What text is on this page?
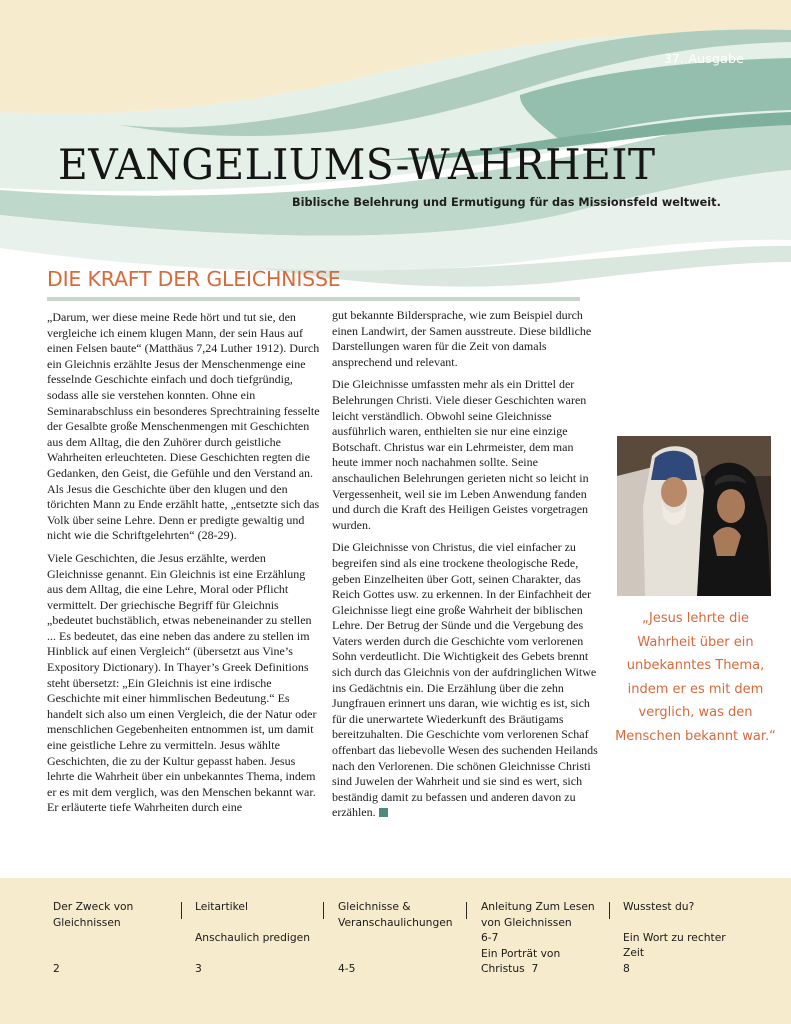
37. Ausgabe
EVANGELIUMS-WAHRHEIT
Biblische Belehrung und Ermutigung für das Missionsfeld weltweit.
DIE KRAFT DER GLEICHNISSE

„Darum, wer diese meine Rede hört und tut sie, den vergleiche ich einem klugen Mann, der sein Haus auf einen Felsen baute“ (Matthäus 7,24 Luther 1912). Durch ein Gleichnis erzählte Jesus der Menschenmenge eine fesselnde Geschichte einfach und doch tiefgründig, sodass alle sie verstehen konnten. Ohne ein Seminarabschluss ein besonderes Sprechtraining fesselte der Gesalbte große Menschenmengen mit Geschichten aus dem Alltag, die den Zuhörer durch geistliche Wahrheiten erleuchteten. Diese Geschichten regten die Gedanken, den Geist, die Gefühle und den Verstand an. Als Jesus die Geschichte über den klugen und den törichten Mann zu Ende erzählt hatte, „entsetzte sich das Volk über seine Lehre. Denn er predigte gewaltig und nicht wie die Schriftgelehrten“ (28-29).

Viele Geschichten, die Jesus erzählte, werden Gleichnisse genannt. Ein Gleichnis ist eine Erzählung aus dem Alltag, die eine Lehre, Moral oder Pflicht vermittelt. Der griechische Begriff für Gleichnis „bedeutet buchstäblich, etwas nebeneinander zu stellen ... Es bedeutet, das eine neben das andere zu stellen im Hinblick auf einen Vergleich“ (übersetzt aus Vine’s Expository Dictionary). In Thayer’s Greek Definitions steht übersetzt: „Ein Gleichnis ist eine irdische Geschichte mit einer himmlischen Bedeutung.“ Es handelt sich also um einen Vergleich, die der Natur oder menschlichen Gegebenheiten entnommen ist, um damit eine geistliche Lehre zu vermitteln. Jesus wählte Geschichten, die zu der Kultur gepasst haben. Jesus lehrte die Wahrheit über ein unbekanntes Thema, indem er es mit dem verglich, was den Menschen bekannt war. Er erläuterte tiefe Wahrheiten durch eine

gut bekannte Bildersprache, wie zum Beispiel durch einen Landwirt, der Samen ausstreute. Diese bildliche Darstellungen waren für die Zeit von damals ansprechend und relevant.

Die Gleichnisse umfassten mehr als ein Drittel der Belehrungen Christi. Viele dieser Geschichten waren leicht verständlich. Obwohl seine Gleichnisse ausführlich waren, enthielten sie nur eine einzige Botschaft. Christus war ein Lehrmeister, dem man heute immer noch nachahmen sollte. Seine anschaulichen Belehrungen gerieten nicht so leicht in Vergessenheit, weil sie im Leben Anwendung fanden und durch die Kraft des Heiligen Geistes vorgetragen wurden.

Die Gleichnisse von Christus, die viel einfacher zu begreifen sind als eine trockene theologische Rede, geben Einzelheiten über Gott, seinen Charakter, das Reich Gottes usw. zu erkennen. In der Einfachheit der Gleichnisse liegt eine große Wahrheit der biblischen Lehre. Der Betrug der Sünde und die Vergebung des Vaters werden durch die Geschichte vom verlorenen Sohn verdeutlicht. Die Wichtigkeit des Gebets brennt sich durch das Gleichnis von der aufdringlichen Witwe ins Gedächtnis ein. Die Erzählung über die zehn Jungfrauen erinnert uns daran, wie wichtig es ist, sich für die unerwartete Wiederkunft des Bräutigams bereitzuhalten. Die Geschichte vom verlorenen Schaf offenbart das liebevolle Wesen des suchenden Heilands nach den Verlorenen. Die schönen Gleichnisse Christi sind Juwelen der Wahrheit und sie sind es wert, sich beständig damit zu befassen und anderen davon zu erzählen.

„Jesus lehrte die Wahrheit über ein unbekanntes Thema, indem er es mit dem verglich, was den Menschen bekannt war.“
Der Zweck von Gleichnissen
2
Leitartikel
Anschaulich predigen
3
Gleichnisse & Veranschaulichungen
4-5
Anleitung Zum Lesen von Gleichnissen
6-7
Ein Porträt von
Christus 7
Wusstest du?
Ein Wort zu rechter Zeit
8
